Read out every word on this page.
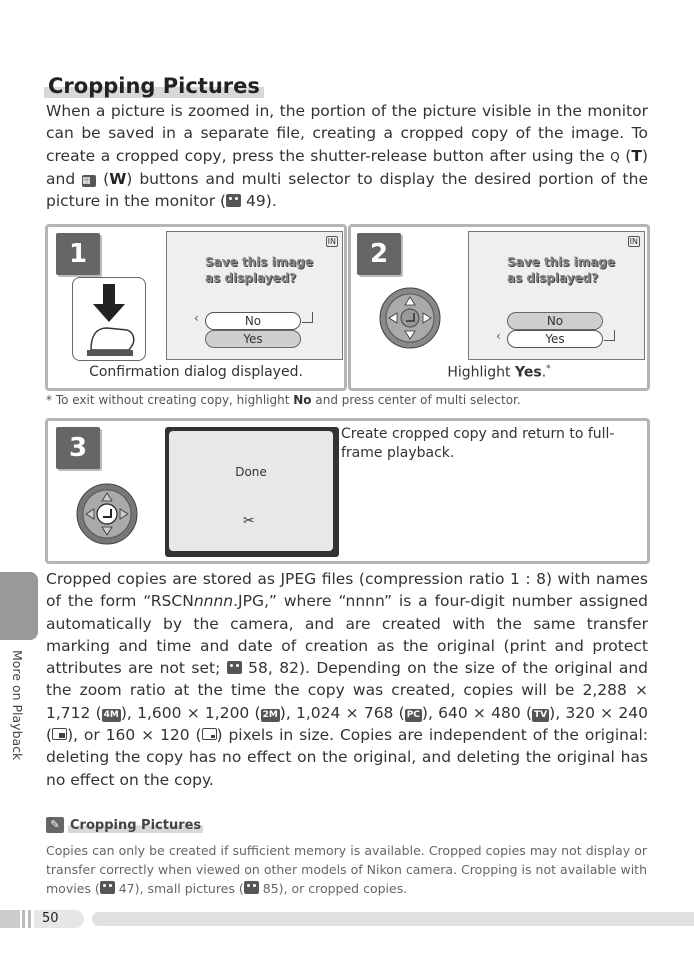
Cropping Pictures
When a picture is zoomed in, the portion of the picture visible in the monitor can be saved in a separate file, creating a cropped copy of the image. To create a cropped copy, press the shutter-release button after using the Q (T) and ▦ (W) buttons and multi selector to display the desired portion of the picture in the monitor ( 49).
1	IN
Save this image
as displayed?
‹	No
Yes
Confirmation dialog displayed.
2	IN
Save this image
as displayed?
No
‹	Yes
Highlight Yes.*
* To exit without creating copy, highlight No and press center of multi selector.
3
Done
✂
Create cropped copy and return to full-frame playback.
Cropped copies are stored as JPEG files (compression ratio 1 : 8) with names of the form “RSCNnnnn.JPG,” where “nnnn” is a four-digit number assigned automatically by the camera, and are created with the same transfer marking and time and date of creation as the original (print and protect attributes are not set;  58, 82). Depending on the size of the original and the zoom ratio at the time the copy was created, copies will be 2,288 × 1,712 ( 4M ), 1,600 × 1,200 ( 2M ), 1,024 × 768 ( PC ), 640 × 480 ( TV ), 320 × 240 ( ), or 160 × 120 ( ) pixels in size. Copies are independent of the original: deleting the copy has no effect on the original, and deleting the original has no effect on the copy.
More on Playback
✎ Cropping Pictures
Copies can only be created if sufficient memory is available. Cropped copies may not display or transfer correctly when viewed on other models of Nikon camera. Cropping is not available with movies ( 47), small pictures ( 85), or cropped copies.
50
